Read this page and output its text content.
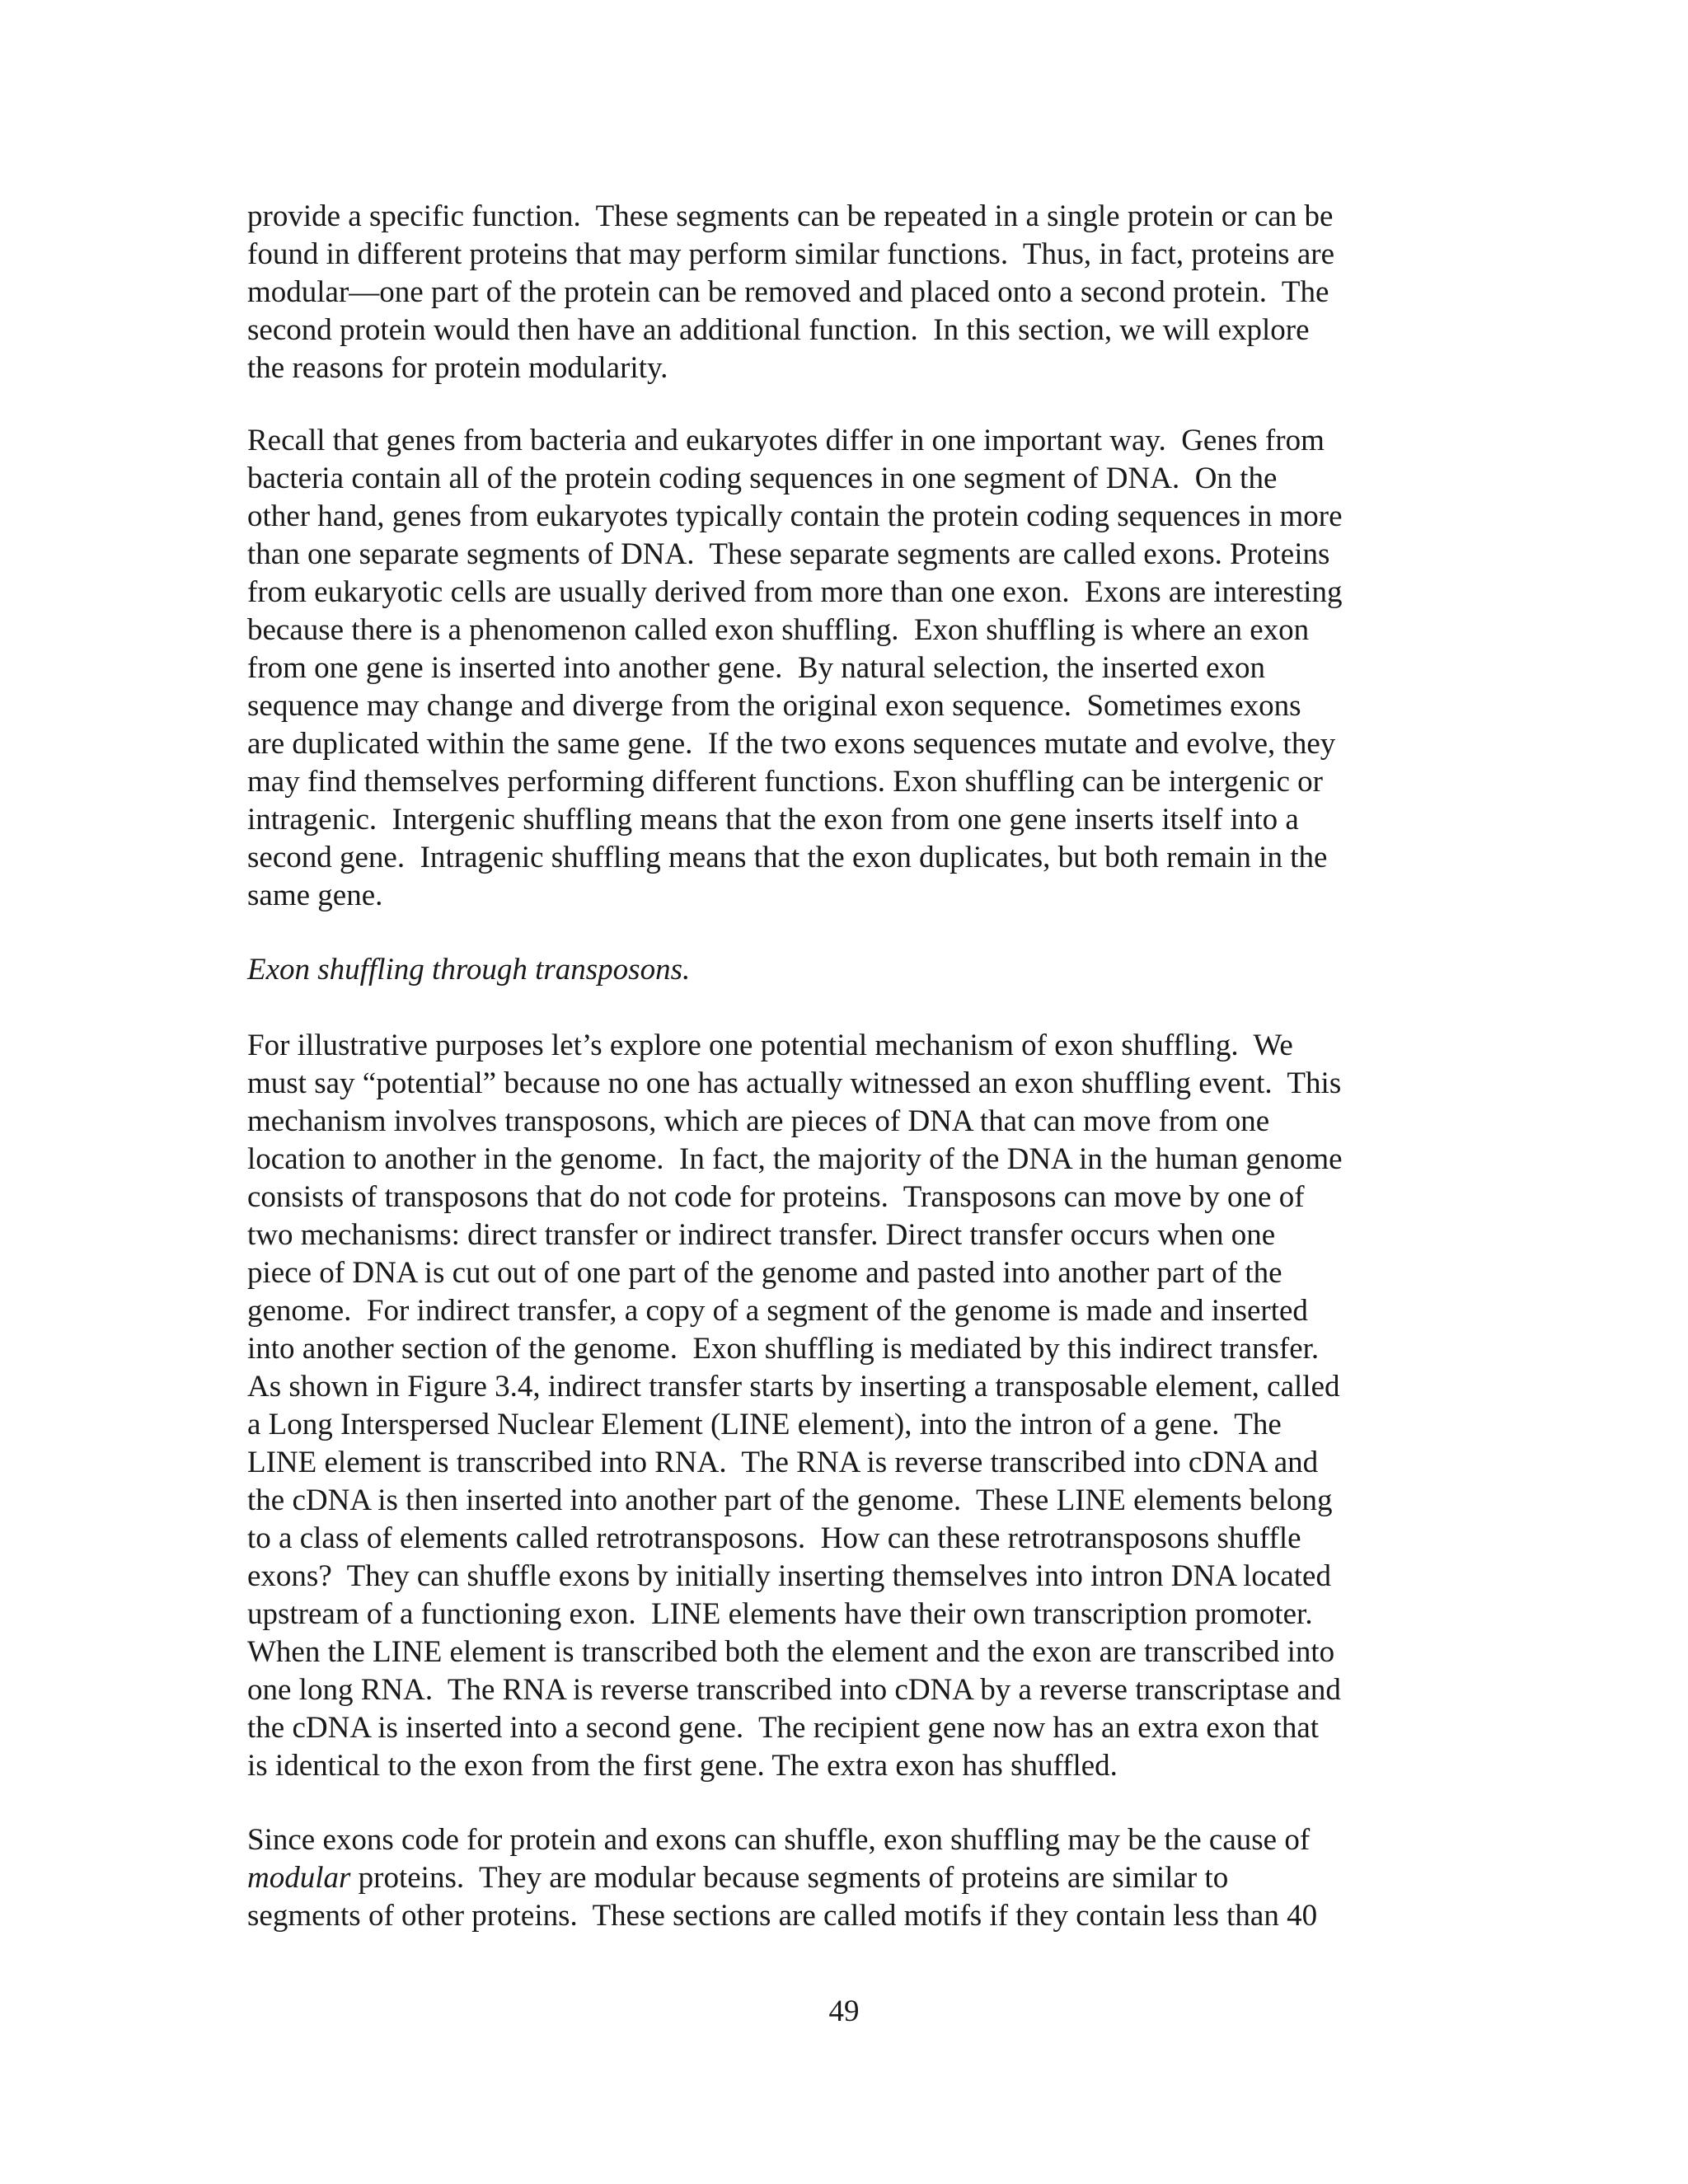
provide a specific function.  These segments can be repeated in a single protein or can be
found in different proteins that may perform similar functions.  Thus, in fact, proteins are
modular—one part of the protein can be removed and placed onto a second protein.  The
second protein would then have an additional function.  In this section, we will explore
the reasons for protein modularity.
Recall that genes from bacteria and eukaryotes differ in one important way.  Genes from
bacteria contain all of the protein coding sequences in one segment of DNA.  On the
other hand, genes from eukaryotes typically contain the protein coding sequences in more
than one separate segments of DNA.  These separate segments are called exons. Proteins
from eukaryotic cells are usually derived from more than one exon.  Exons are interesting
because there is a phenomenon called exon shuffling.  Exon shuffling is where an exon
from one gene is inserted into another gene.  By natural selection, the inserted exon
sequence may change and diverge from the original exon sequence.  Sometimes exons
are duplicated within the same gene.  If the two exons sequences mutate and evolve, they
may find themselves performing different functions. Exon shuffling can be intergenic or
intragenic.  Intergenic shuffling means that the exon from one gene inserts itself into a
second gene.  Intragenic shuffling means that the exon duplicates, but both remain in the
same gene.
Exon shuffling through transposons.
For illustrative purposes let’s explore one potential mechanism of exon shuffling.  We
must say “potential” because no one has actually witnessed an exon shuffling event.  This
mechanism involves transposons, which are pieces of DNA that can move from one
location to another in the genome.  In fact, the majority of the DNA in the human genome
consists of transposons that do not code for proteins.  Transposons can move by one of
two mechanisms: direct transfer or indirect transfer. Direct transfer occurs when one
piece of DNA is cut out of one part of the genome and pasted into another part of the
genome.  For indirect transfer, a copy of a segment of the genome is made and inserted
into another section of the genome.  Exon shuffling is mediated by this indirect transfer.
As shown in Figure 3.4, indirect transfer starts by inserting a transposable element, called
a Long Interspersed Nuclear Element (LINE element), into the intron of a gene.  The
LINE element is transcribed into RNA.  The RNA is reverse transcribed into cDNA and
the cDNA is then inserted into another part of the genome.  These LINE elements belong
to a class of elements called retrotransposons.  How can these retrotransposons shuffle
exons?  They can shuffle exons by initially inserting themselves into intron DNA located
upstream of a functioning exon.  LINE elements have their own transcription promoter.
When the LINE element is transcribed both the element and the exon are transcribed into
one long RNA.  The RNA is reverse transcribed into cDNA by a reverse transcriptase and
the cDNA is inserted into a second gene.  The recipient gene now has an extra exon that
is identical to the exon from the first gene. The extra exon has shuffled.
Since exons code for protein and exons can shuffle, exon shuffling may be the cause of
modular proteins.  They are modular because segments of proteins are similar to
segments of other proteins.  These sections are called motifs if they contain less than 40
49
